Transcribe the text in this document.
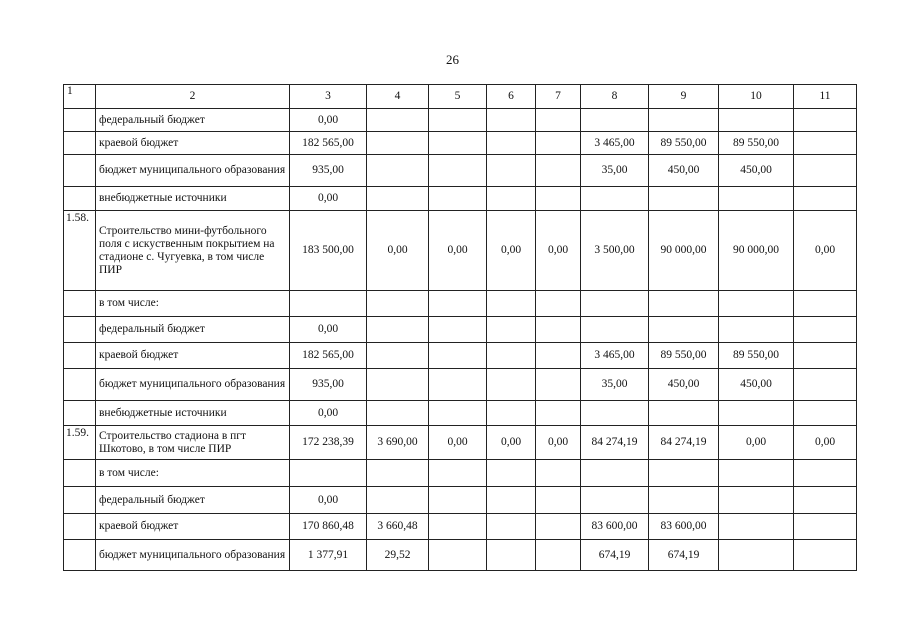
26
1	2	3	4	5	6	7	8	9	10	11
	федеральный бюджет	0,00								
	краевой бюджет	182 565,00					3 465,00	89 550,00	89 550,00	
	бюджет муниципального образования	935,00					35,00	450,00	450,00	
	внебюджетные источники	0,00								
1.58.	Строительство мини-футбольного поля с искуственным покрытием на стадионе с. Чугуевка, в том числе ПИР	183 500,00	0,00	0,00	0,00	0,00	3 500,00	90 000,00	90 000,00	0,00
	в том числе:									
	федеральный бюджет	0,00								
	краевой бюджет	182 565,00					3 465,00	89 550,00	89 550,00	
	бюджет муниципального образования	935,00					35,00	450,00	450,00	
	внебюджетные источники	0,00								
1.59.	Строительство стадиона в пгт Шкотово, в том числе ПИР	172 238,39	3 690,00	0,00	0,00	0,00	84 274,19	84 274,19	0,00	0,00
	в том числе:									
	федеральный бюджет	0,00								
	краевой бюджет	170 860,48	3 660,48				83 600,00	83 600,00		
	бюджет муниципального образования	1 377,91	29,52				674,19	674,19		
